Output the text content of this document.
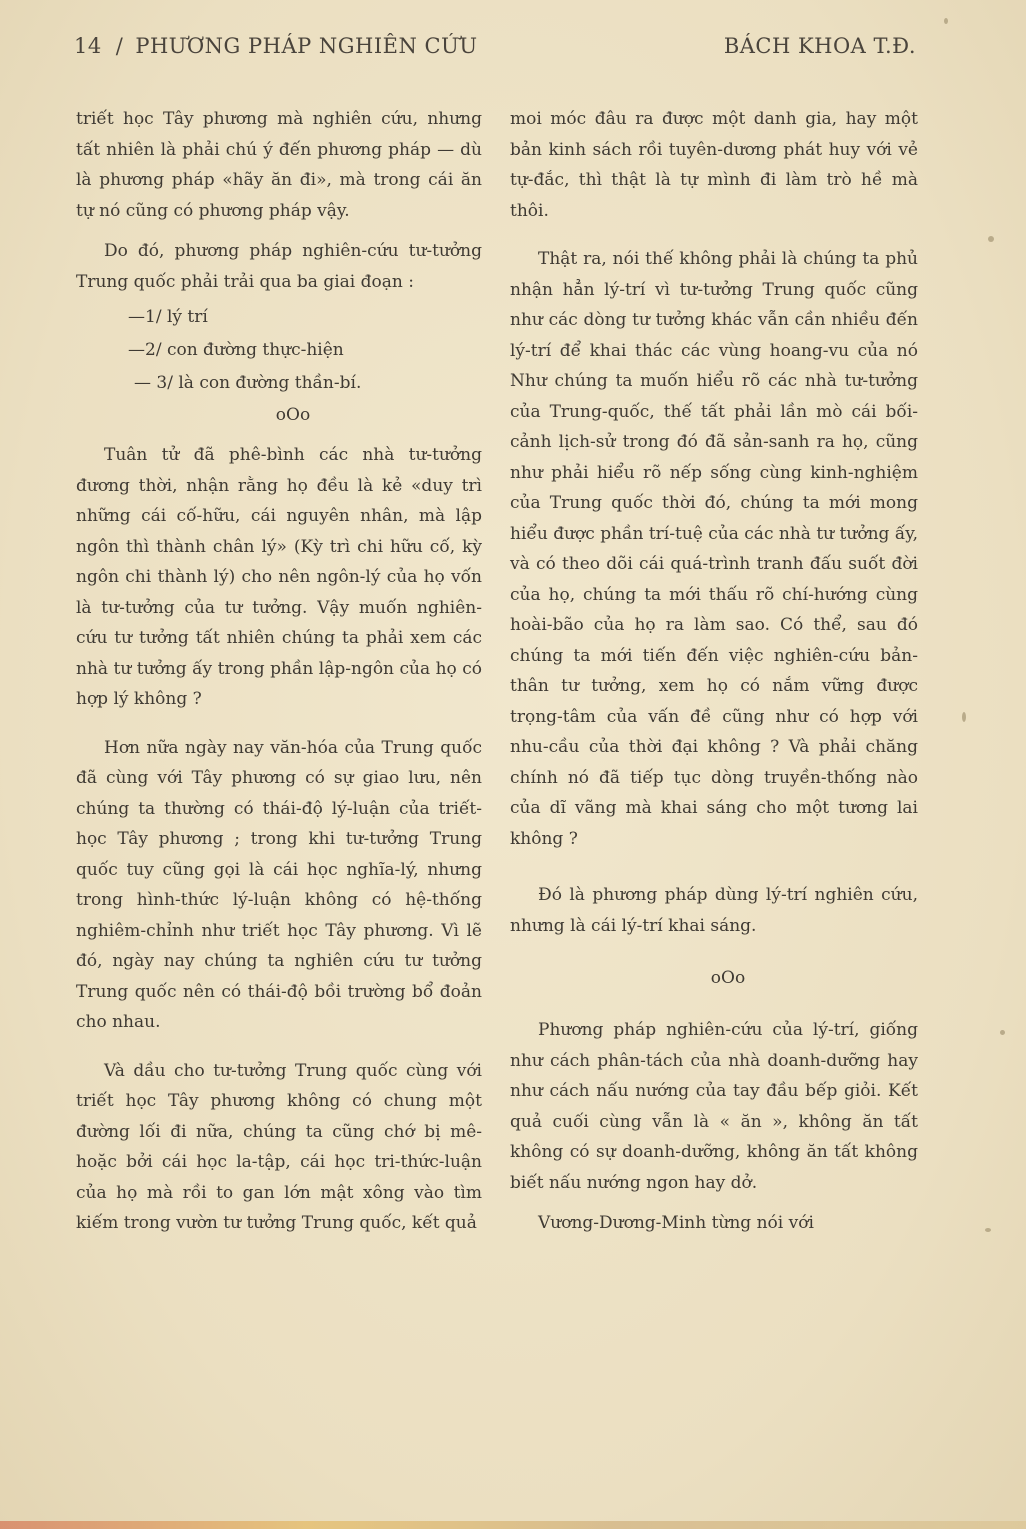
14 / PHƯƠNG PHÁP NGHIÊN CỨU	BÁCH KHOA T.Đ.

triết học Tây phương mà nghiên cứu, nhưng tất nhiên là phải chú ý đến phương pháp — dù là phương pháp «hãy ăn đi», mà trong cái ăn tự nó cũng có phương pháp vậy.

Do đó, phương pháp nghiên-cứu tư-tưởng Trung quốc phải trải qua ba giai đoạn :

—1/ lý trí
—2/ con đường thực-hiện
— 3/ là con đường thần-bí.

oOo

Tuân tử đã phê-bình các nhà tư-tưởng đương thời, nhận rằng họ đều là kẻ «duy trì những cái cố-hữu, cái nguyên nhân, mà lập ngôn thì thành chân lý» (Kỳ trì chi hữu cố, kỳ ngôn chi thành lý) cho nên ngôn-lý của họ vốn là tư-tưởng của tư tưởng. Vậy muốn nghiên-cứu tư tưởng tất nhiên chúng ta phải xem các nhà tư tưởng ấy trong phần lập-ngôn của họ có hợp lý không ?

Hơn nữa ngày nay văn-hóa của Trung quốc đã cùng với Tây phương có sự giao lưu, nên chúng ta thường có thái-độ lý-luận của triết-học Tây phương ; trong khi tư-tưởng Trung quốc tuy cũng gọi là cái học nghĩa-lý, nhưng trong hình-thức lý-luận không có hệ-thống nghiêm-chỉnh như triết học Tây phương. Vì lẽ đó, ngày nay chúng ta nghiên cứu tư tưởng Trung quốc nên có thái-độ bồi trường bổ đoản cho nhau.

Và dầu cho tư-tưởng Trung quốc cùng với triết học Tây phương không có chung một đường lối đi nữa, chúng ta cũng chớ bị mê-hoặc bởi cái học la-tập, cái học tri-thức-luận của họ mà rồi to gan lớn mật xông vào tìm kiếm trong vườn tư tưởng Trung quốc, kết quả

moi móc đâu ra được một danh gia, hay một bản kinh sách rồi tuyên-dương phát huy với vẻ tự-đắc, thì thật là tự mình đi làm trò hề mà thôi.

Thật ra, nói thế không phải là chúng ta phủ nhận hẳn lý-trí vì tư-tưởng Trung quốc cũng như các dòng tư tưởng khác vẫn cần nhiều đến lý-trí để khai thác các vùng hoang-vu của nó Như chúng ta muốn hiểu rõ các nhà tư-tưởng của Trung-quốc, thế tất phải lần mò cái bối-cảnh lịch-sử trong đó đã sản-sanh ra họ, cũng như phải hiểu rõ nếp sống cùng kinh-nghiệm của Trung quốc thời đó, chúng ta mới mong hiểu được phần trí-tuệ của các nhà tư tưởng ấy, và có theo dõi cái quá-trình tranh đấu suốt đời của họ, chúng ta mới thấu rõ chí-hướng cùng hoài-bão của họ ra làm sao. Có thể, sau đó chúng ta mới tiến đến việc nghiên-cứu bản-thân tư tưởng, xem họ có nắm vững được trọng-tâm của vấn đề cũng như có hợp với nhu-cầu của thời đại không ? Và phải chăng chính nó đã tiếp tục dòng truyền-thống nào của dĩ vãng mà khai sáng cho một tương lai không ?

Đó là phương pháp dùng lý-trí nghiên cứu, nhưng là cái lý-trí khai sáng.

oOo

Phương pháp nghiên-cứu của lý-trí, giống như cách phân-tách của nhà doanh-dưỡng hay như cách nấu nướng của tay đầu bếp giỏi. Kết quả cuối cùng vẫn là « ăn », không ăn tất không có sự doanh-dưỡng, không ăn tất không biết nấu nướng ngon hay dở.

Vương-Dương-Minh từng nói với
